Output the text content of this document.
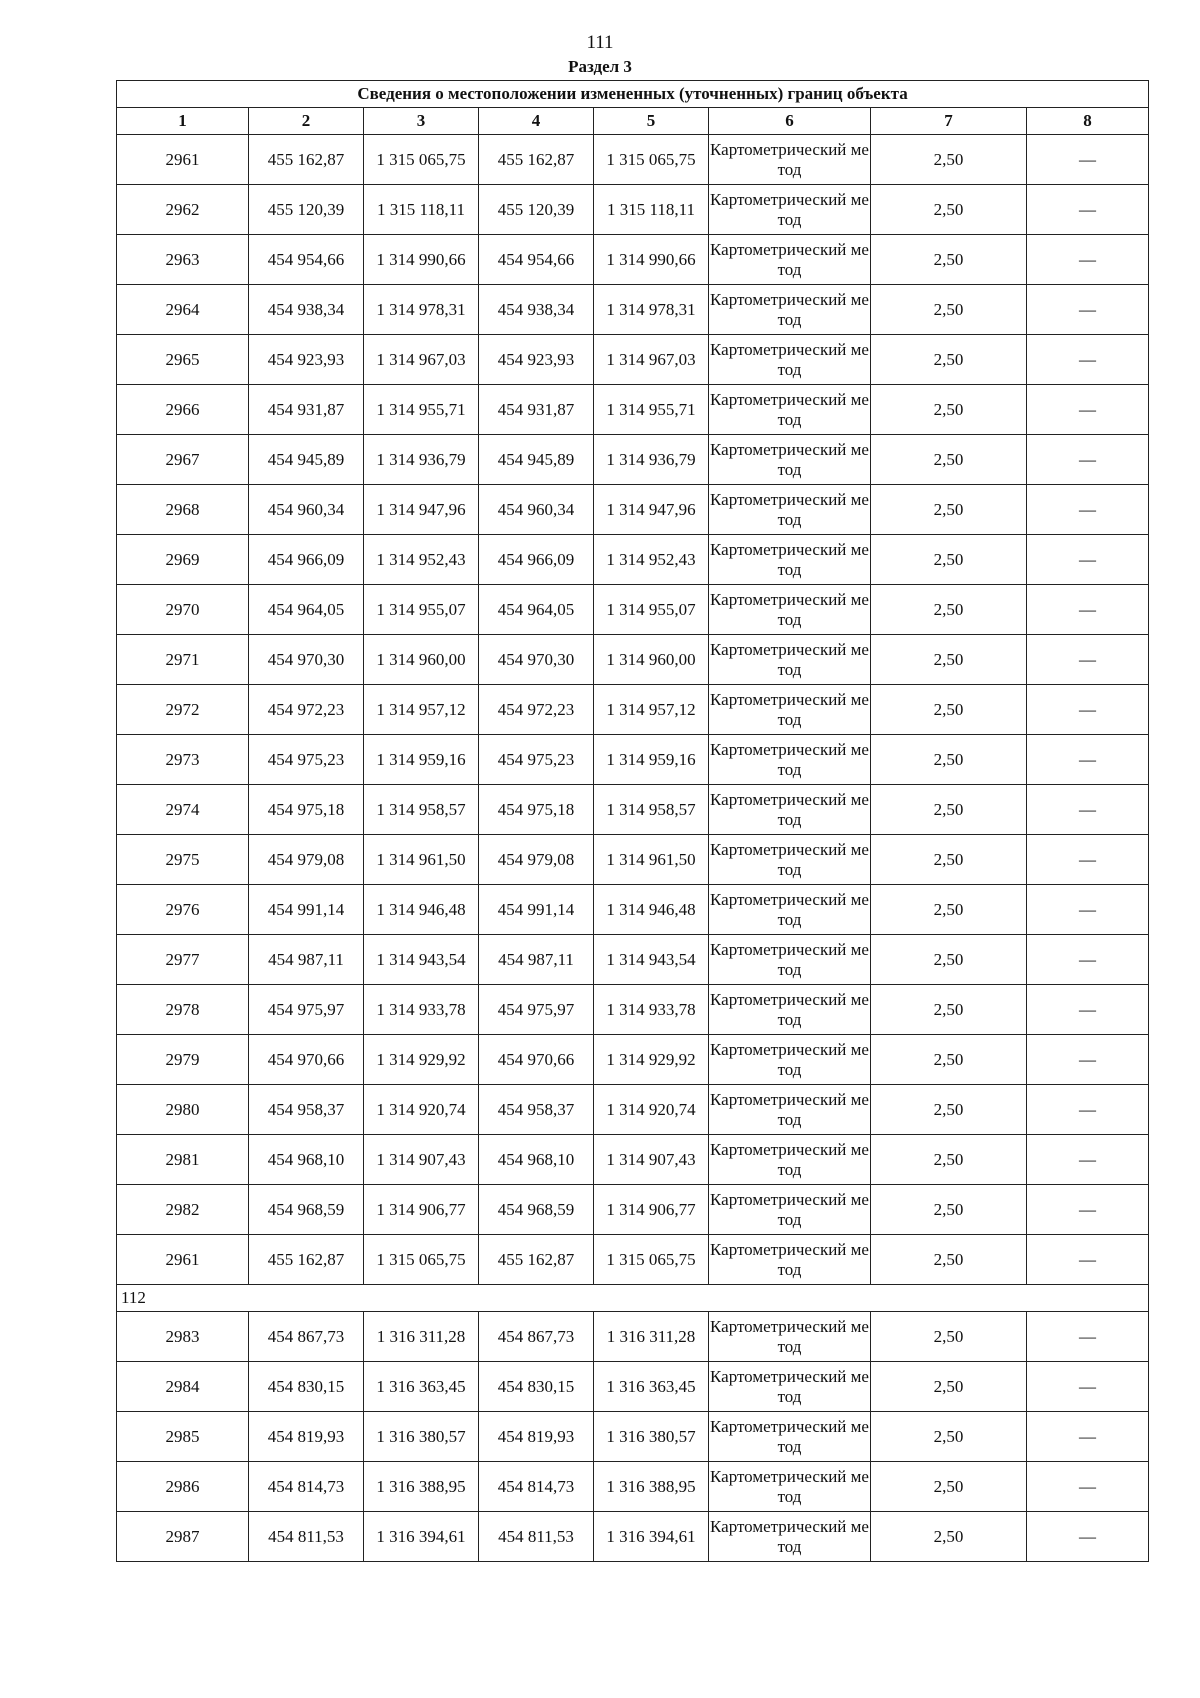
111
Раздел 3
Сведения о местоположении измененных (уточненных) границ объекта							
1	2	3	4	5	6	7	8
2961	455 162,87	1 315 065,75	455 162,87	1 315 065,75	Картометрический метод	2,50	—
2962	455 120,39	1 315 118,11	455 120,39	1 315 118,11	Картометрический метод	2,50	—
2963	454 954,66	1 314 990,66	454 954,66	1 314 990,66	Картометрический метод	2,50	—
2964	454 938,34	1 314 978,31	454 938,34	1 314 978,31	Картометрический метод	2,50	—
2965	454 923,93	1 314 967,03	454 923,93	1 314 967,03	Картометрический метод	2,50	—
2966	454 931,87	1 314 955,71	454 931,87	1 314 955,71	Картометрический метод	2,50	—
2967	454 945,89	1 314 936,79	454 945,89	1 314 936,79	Картометрический метод	2,50	—
2968	454 960,34	1 314 947,96	454 960,34	1 314 947,96	Картометрический метод	2,50	—
2969	454 966,09	1 314 952,43	454 966,09	1 314 952,43	Картометрический метод	2,50	—
2970	454 964,05	1 314 955,07	454 964,05	1 314 955,07	Картометрический метод	2,50	—
2971	454 970,30	1 314 960,00	454 970,30	1 314 960,00	Картометрический метод	2,50	—
2972	454 972,23	1 314 957,12	454 972,23	1 314 957,12	Картометрический метод	2,50	—
2973	454 975,23	1 314 959,16	454 975,23	1 314 959,16	Картометрический метод	2,50	—
2974	454 975,18	1 314 958,57	454 975,18	1 314 958,57	Картометрический метод	2,50	—
2975	454 979,08	1 314 961,50	454 979,08	1 314 961,50	Картометрический метод	2,50	—
2976	454 991,14	1 314 946,48	454 991,14	1 314 946,48	Картометрический метод	2,50	—
2977	454 987,11	1 314 943,54	454 987,11	1 314 943,54	Картометрический метод	2,50	—
2978	454 975,97	1 314 933,78	454 975,97	1 314 933,78	Картометрический метод	2,50	—
2979	454 970,66	1 314 929,92	454 970,66	1 314 929,92	Картометрический метод	2,50	—
2980	454 958,37	1 314 920,74	454 958,37	1 314 920,74	Картометрический метод	2,50	—
2981	454 968,10	1 314 907,43	454 968,10	1 314 907,43	Картометрический метод	2,50	—
2982	454 968,59	1 314 906,77	454 968,59	1 314 906,77	Картометрический метод	2,50	—
2961	455 162,87	1 315 065,75	455 162,87	1 315 065,75	Картометрический метод	2,50	—
112							
2983	454 867,73	1 316 311,28	454 867,73	1 316 311,28	Картометрический метод	2,50	—
2984	454 830,15	1 316 363,45	454 830,15	1 316 363,45	Картометрический метод	2,50	—
2985	454 819,93	1 316 380,57	454 819,93	1 316 380,57	Картометрический метод	2,50	—
2986	454 814,73	1 316 388,95	454 814,73	1 316 388,95	Картометрический метод	2,50	—
2987	454 811,53	1 316 394,61	454 811,53	1 316 394,61	Картометрический метод	2,50	—
